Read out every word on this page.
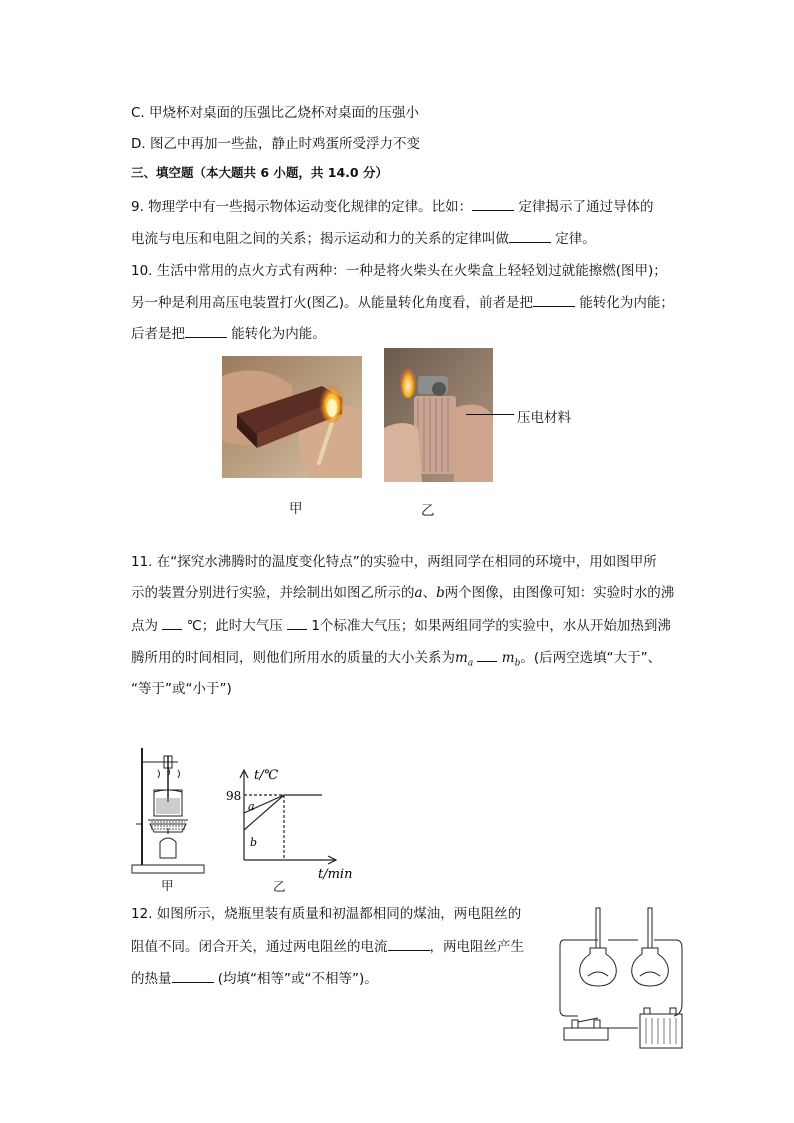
C. 甲烧杯对桌面的压强比乙烧杯对桌面的压强小
D. 图乙中再加一些盐，静止时鸡蛋所受浮力不变
三、填空题（本大题共 6 小题，共 14.0 分）
9. 物理学中有一些揭示物体运动变化规律的定律。比如：	定律揭示了通过导体的
电流与电压和电阻之间的关系；揭示运动和力的关系的定律叫做	定律。
10. 生活中常用的点火方式有两种：一种是将火柴头在火柴盒上轻轻划过就能擦燃(图甲)；
另一种是利用高压电装置打火(图乙)。从能量转化角度看，前者是把	能转化为内能；
后者是把	能转化为内能。
压电材料
甲	乙
11. 在“探究水沸腾时的温度变化特点”的实验中，两组同学在相同的环境中，用如图甲所
示的装置分别进行实验，并绘制出如图乙所示的a、b两个图像，由图像可知：实验时水的沸
点为  ℃；此时大气压  1个标准大气压；如果两组同学的实验中，水从开始加热到沸
腾所用的时间相同，则他们所用水的质量的大小关系为$m_a$ $m_b$。(后两空选填“大于”、
“等于”或“小于”)
甲
t/℃
98
a
b
t/min
乙
12. 如图所示，烧瓶里装有质量和初温都相同的煤油，两电阻丝的
阻值不同。闭合开关，通过两电阻丝的电流	，两电阻丝产生
的热量	(均填“相等”或“不相等”)。
